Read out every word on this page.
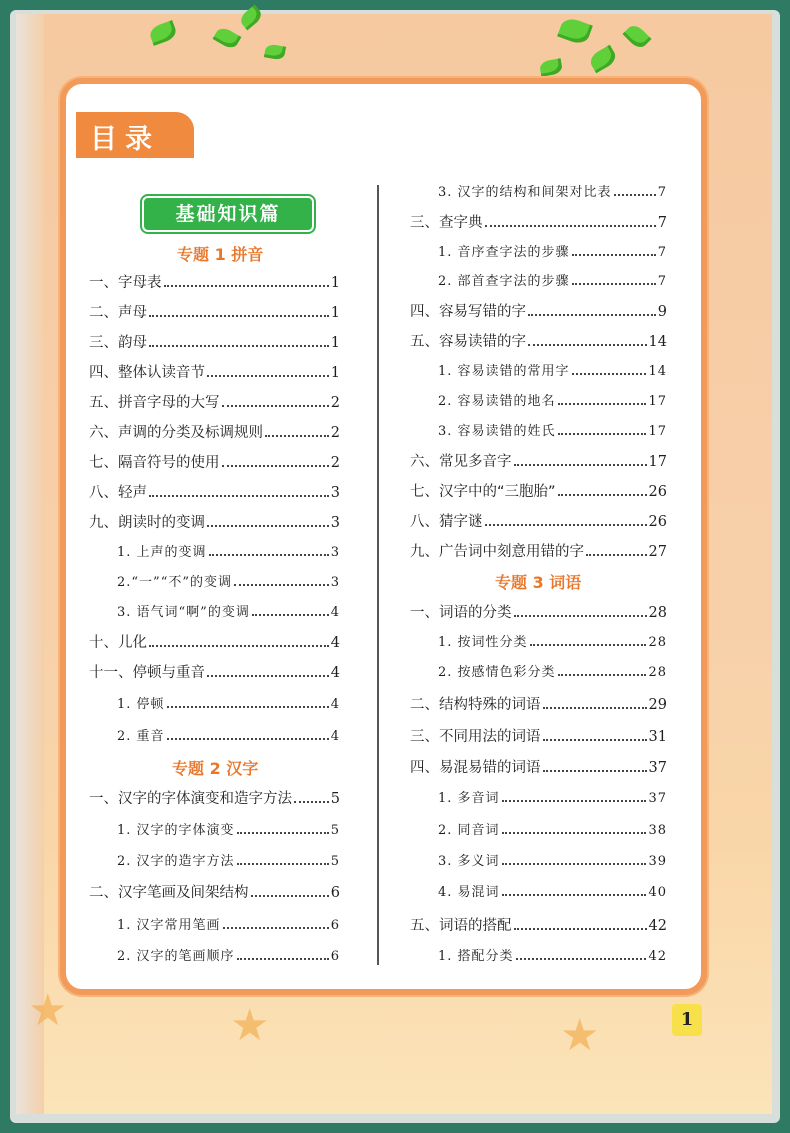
★	★	★
目录
基础知识篇
专题 1 拼音
一、字母表	1
二、声母	1
三、韵母	1
四、整体认读音节	1
五、拼音字母的大写	2
六、声调的分类及标调规则	2
七、隔音符号的使用	2
八、轻声	3
九、朗读时的变调	3
1. 上声的变调	3
2.“一”“不”的变调	3
3. 语气词“啊”的变调	4
十、儿化	4
十一、停顿与重音	4
1. 停顿	4
2. 重音	4
专题 2 汉字
一、汉字的字体演变和造字方法	5
1. 汉字的字体演变	5
2. 汉字的造字方法	5
二、汉字笔画及间架结构	6
1. 汉字常用笔画	6
2. 汉字的笔画顺序	6
3. 汉字的结构和间架对比表	7
三、查字典	7
1. 音序查字法的步骤	7
2. 部首查字法的步骤	7
四、容易写错的字	9
五、容易读错的字	14
1. 容易读错的常用字	14
2. 容易读错的地名	17
3. 容易读错的姓氏	17
六、常见多音字	17
七、汉字中的“三胞胎”	26
八、猜字谜	26
九、广告词中刻意用错的字	27
专题 3 词语
一、词语的分类	28
1. 按词性分类	28
2. 按感情色彩分类	28
二、结构特殊的词语	29
三、不同用法的词语	31
四、易混易错的词语	37
1. 多音词	37
2. 同音词	38
3. 多义词	39
4. 易混词	40
五、词语的搭配	42
1. 搭配分类	42
1
